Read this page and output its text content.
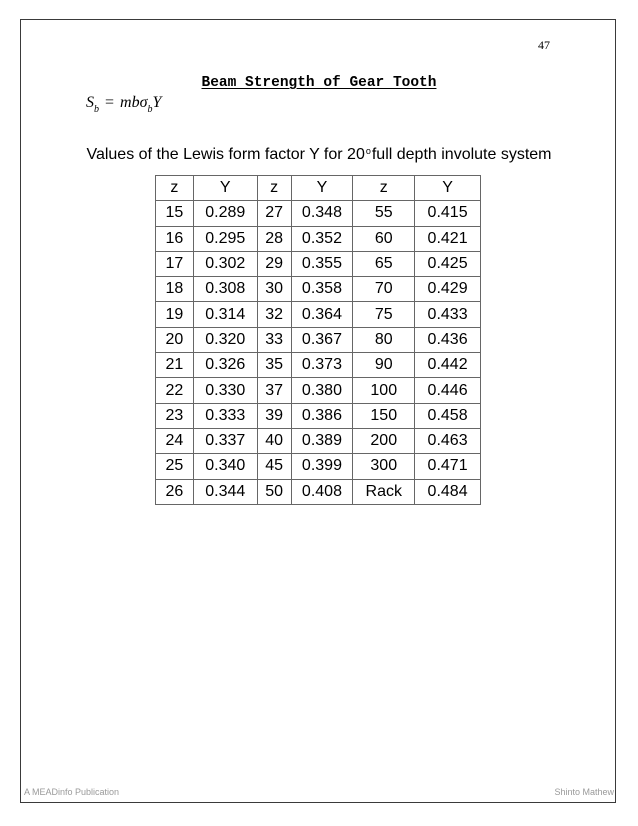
47
Beam Strength of Gear Tooth
$S_b = mb\sigma_bY$
Values of the Lewis form factor Y for 20$^o$full depth involute system
z	Y	z	Y	z	Y
15	0.289	27	0.348	55	0.415
16	0.295	28	0.352	60	0.421
17	0.302	29	0.355	65	0.425
18	0.308	30	0.358	70	0.429
19	0.314	32	0.364	75	0.433
20	0.320	33	0.367	80	0.436
21	0.326	35	0.373	90	0.442
22	0.330	37	0.380	100	0.446
23	0.333	39	0.386	150	0.458
24	0.337	40	0.389	200	0.463
25	0.340	45	0.399	300	0.471
26	0.344	50	0.408	Rack	0.484
A MEADinfo Publication	Shinto Mathew
